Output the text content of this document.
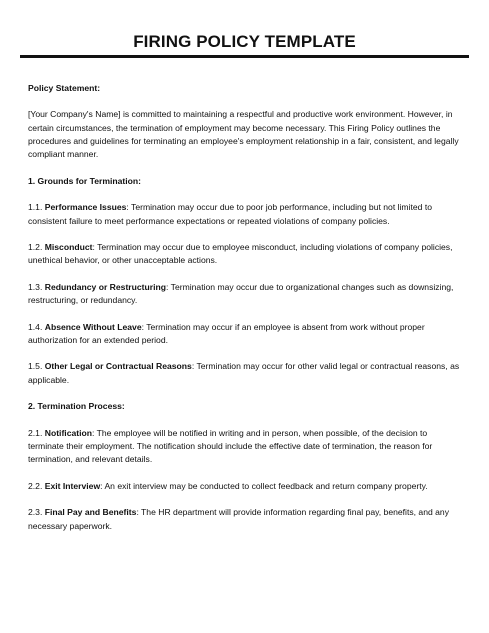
FIRING POLICY TEMPLATE

Policy Statement:

[Your Company's Name] is committed to maintaining a respectful and productive work environment. However, in certain circumstances, the termination of employment may become necessary. This Firing Policy outlines the procedures and guidelines for terminating an employee's employment relationship in a fair, consistent, and legally compliant manner.

1. Grounds for Termination:

1.1. Performance Issues: Termination may occur due to poor job performance, including but not limited to consistent failure to meet performance expectations or repeated violations of company policies.

1.2. Misconduct: Termination may occur due to employee misconduct, including violations of company policies, unethical behavior, or other unacceptable actions.

1.3. Redundancy or Restructuring: Termination may occur due to organizational changes such as downsizing, restructuring, or redundancy.

1.4. Absence Without Leave: Termination may occur if an employee is absent from work without proper authorization for an extended period.

1.5. Other Legal or Contractual Reasons: Termination may occur for other valid legal or contractual reasons, as applicable.

2. Termination Process:

2.1. Notification: The employee will be notified in writing and in person, when possible, of the decision to terminate their employment. The notification should include the effective date of termination, the reason for termination, and relevant details.

2.2. Exit Interview: An exit interview may be conducted to collect feedback and return company property.

2.3. Final Pay and Benefits: The HR department will provide information regarding final pay, benefits, and any necessary paperwork.
